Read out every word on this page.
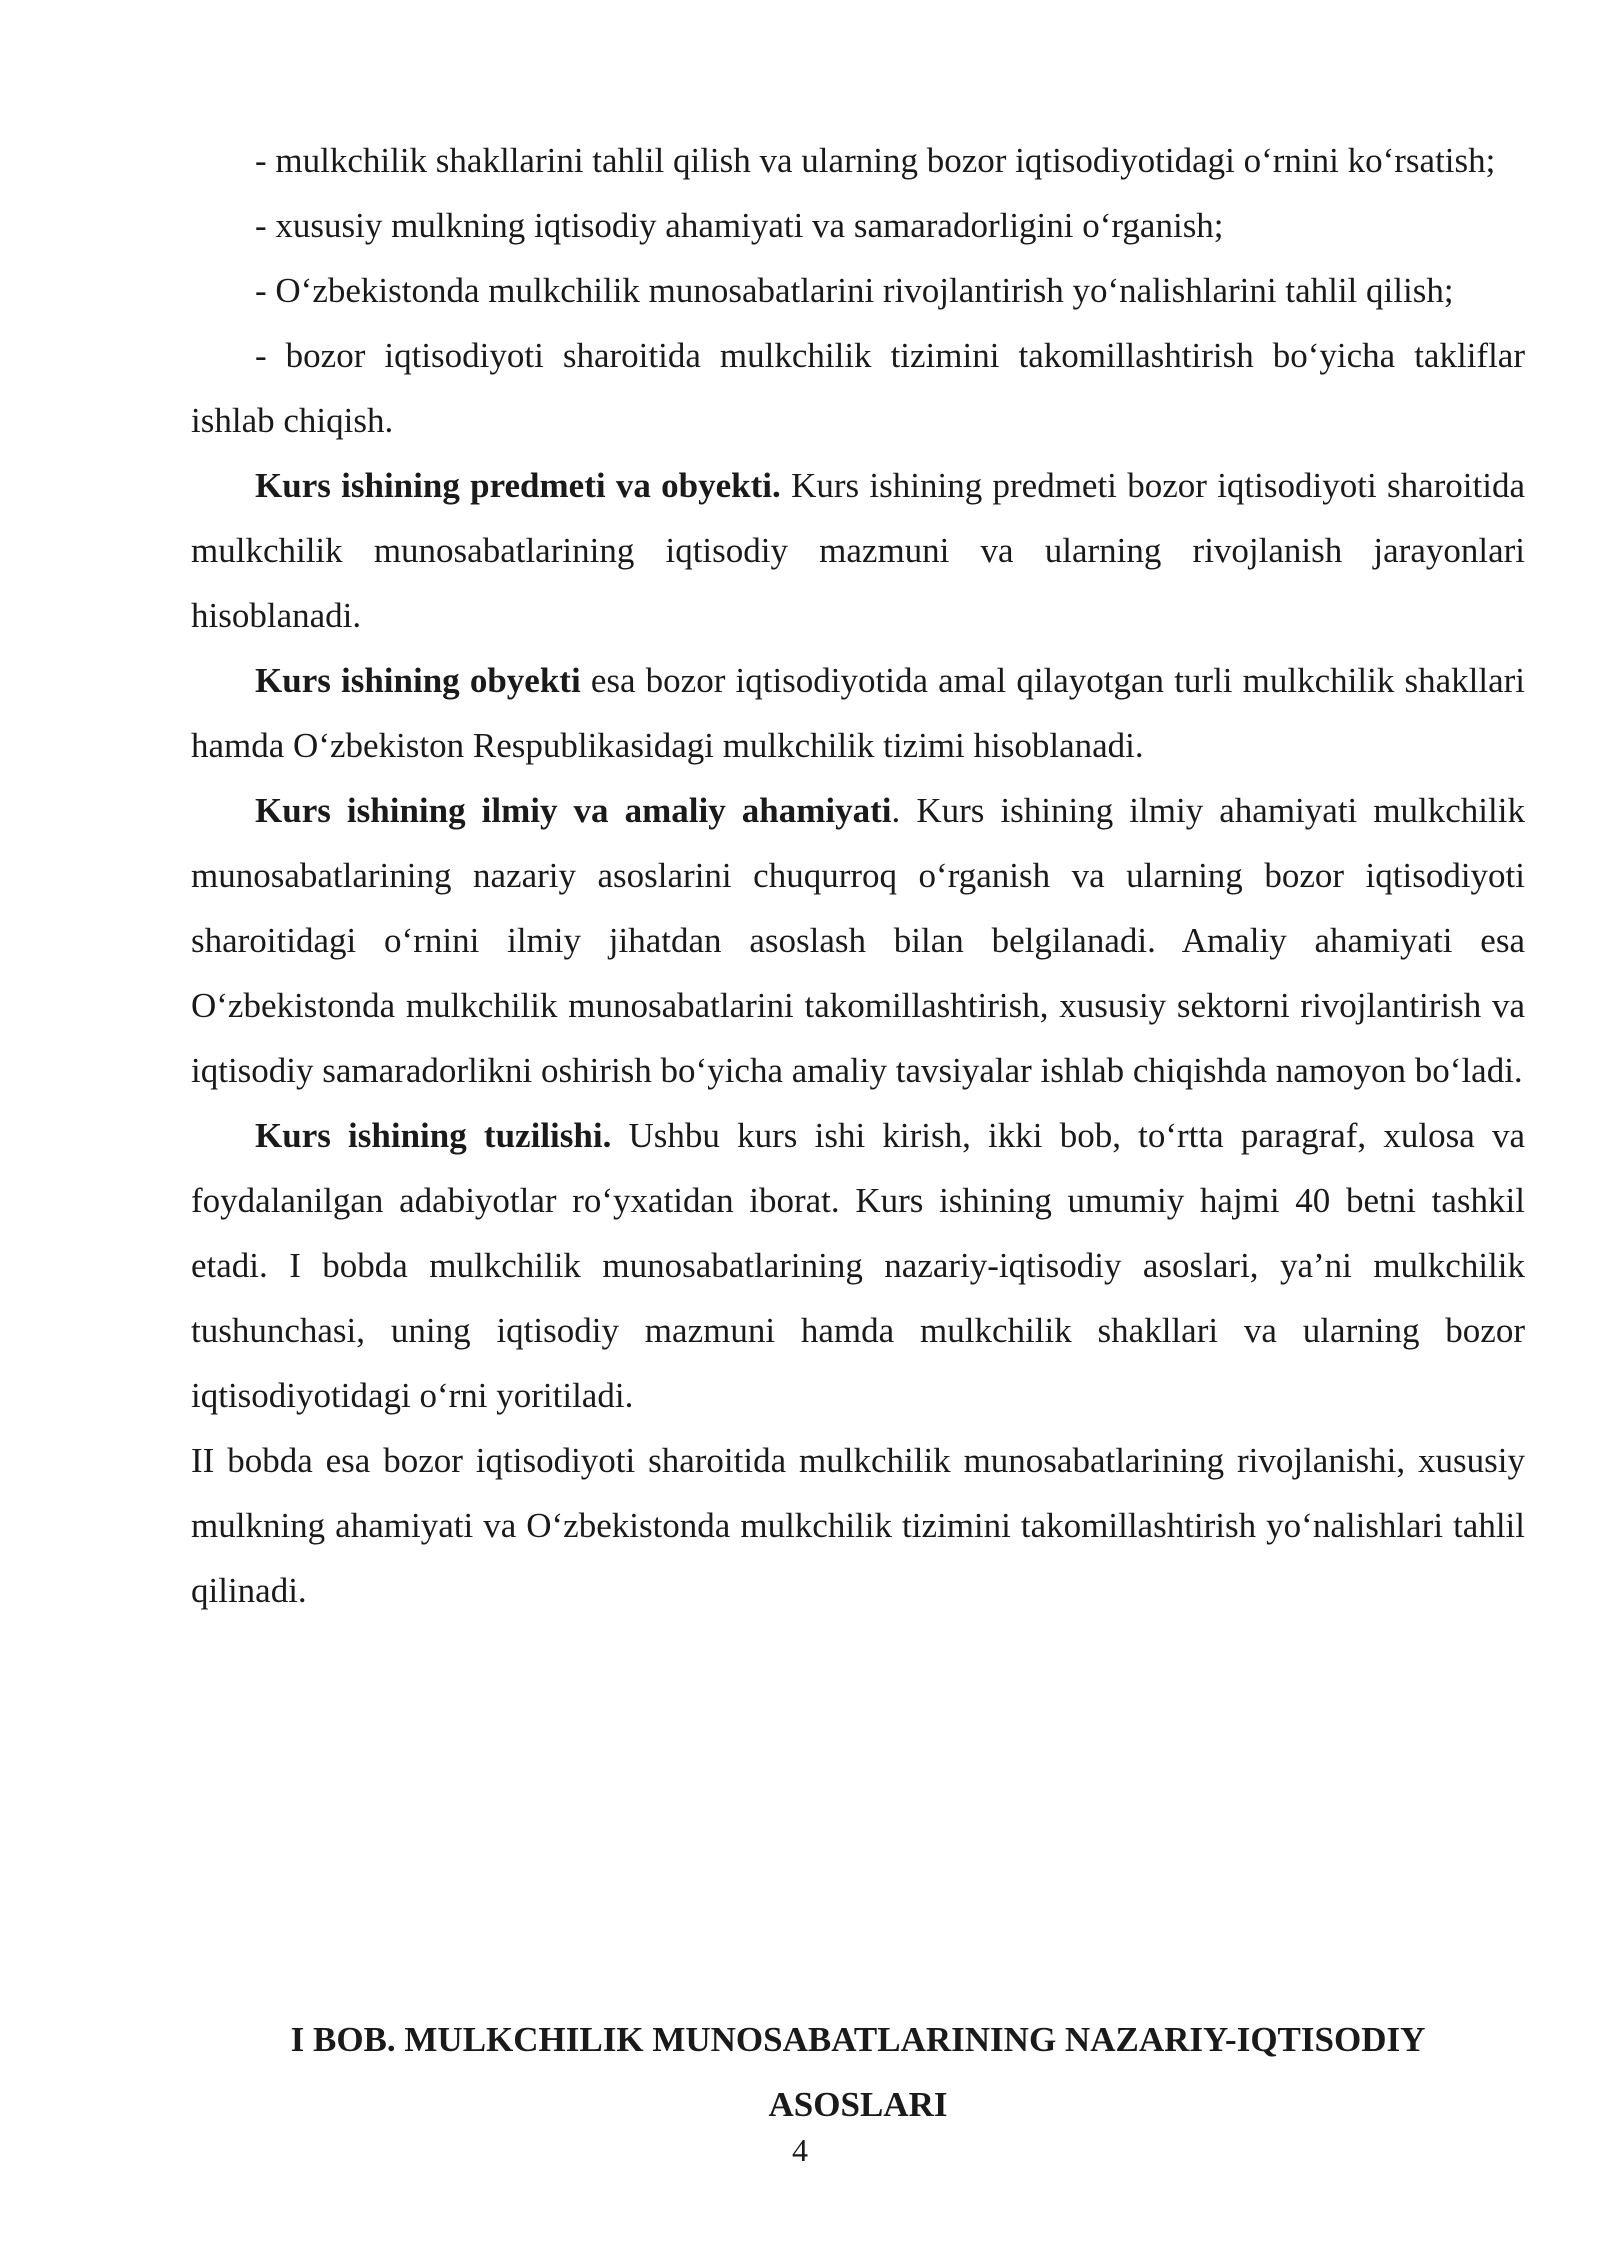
- mulkchilik shakllarini tahlil qilish va ularning bozor iqtisodiyotidagi o‘rnini ko‘rsatish;

- xususiy mulkning iqtisodiy ahamiyati va samaradorligini o‘rganish;

- O‘zbekistonda mulkchilik munosabatlarini rivojlantirish yo‘nalishlarini tahlil qilish;

- bozor iqtisodiyoti sharoitida mulkchilik tizimini takomillashtirish bo‘yicha takliflar ishlab chiqish.

Kurs ishining predmeti va obyekti. Kurs ishining predmeti bozor iqtisodiyoti sharoitida mulkchilik munosabatlarining iqtisodiy mazmuni va ularning rivojlanish jarayonlari hisoblanadi.

Kurs ishining obyekti esa bozor iqtisodiyotida amal qilayotgan turli mulkchilik shakllari hamda O‘zbekiston Respublikasidagi mulkchilik tizimi hisoblanadi.

Kurs ishining ilmiy va amaliy ahamiyati. Kurs ishining ilmiy ahamiyati mulkchilik munosabatlarining nazariy asoslarini chuqurroq o‘rganish va ularning bozor iqtisodiyoti sharoitidagi o‘rnini ilmiy jihatdan asoslash bilan belgilanadi. Amaliy ahamiyati esa O‘zbekistonda mulkchilik munosabatlarini takomillashtirish, xususiy sektorni rivojlantirish va iqtisodiy samaradorlikni oshirish bo‘yicha amaliy tavsiyalar ishlab chiqishda namoyon bo‘ladi.

Kurs ishining tuzilishi. Ushbu kurs ishi kirish, ikki bob, to‘rtta paragraf, xulosa va foydalanilgan adabiyotlar ro‘yxatidan iborat. Kurs ishining umumiy hajmi 40 betni tashkil etadi. I bobda mulkchilik munosabatlarining nazariy-iqtisodiy asoslari, ya’ni mulkchilik tushunchasi, uning iqtisodiy mazmuni hamda mulkchilik shakllari va ularning bozor iqtisodiyotidagi o‘rni yoritiladi.

II bobda esa bozor iqtisodiyoti sharoitida mulkchilik munosabatlarining rivojlanishi, xususiy mulkning ahamiyati va O‘zbekistonda mulkchilik tizimini takomillashtirish yo‘nalishlari tahlil qilinadi.

I BOB. MULKCHILIK MUNOSABATLARINING NAZARIY-IQTISODIY
ASOSLARI
4
